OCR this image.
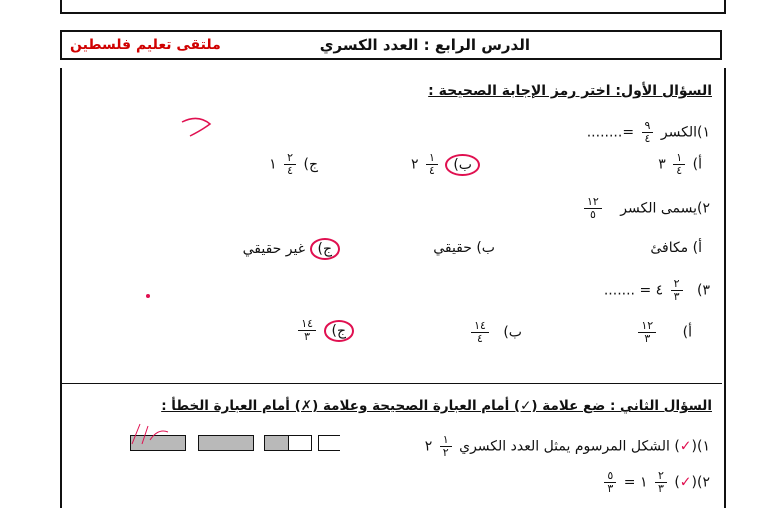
الدرس الرابع : العدد الكسري
ملتقى تعليم فلسطين
السؤال الأول: اختر رمز الإجابة الصحيحة :
١)الكسر
$\frac{٩}{٤}$
=........
أ)
$\frac{١}{٤}$
٣
ب)
$\frac{١}{٤}$
٢
ج)
$\frac{٢}{٤}$
١
٢)يسمى الكسر
$\frac{١٢}{٥}$
أ) مكافئ
ب) حقيقي
ج) غير حقيقي
٣)
$\frac{٢}{٣}$
٤ = .......
أ)
$\frac{١٢}{٣}$
ب)
$\frac{١٤}{٤}$
ج)
$\frac{١٤}{٣}$
السؤال الثاني : ضع علامة (✓) أمام العبارة الصحيحة وعلامة (✗) أمام العبارة الخطأ :
١)(✓) الشكل المرسوم يمثل العدد الكسري
$\frac{١}{٢}$
٢
٢)(✓)
$\frac{٢}{٣}$
١ =
$\frac{٥}{٣}$
